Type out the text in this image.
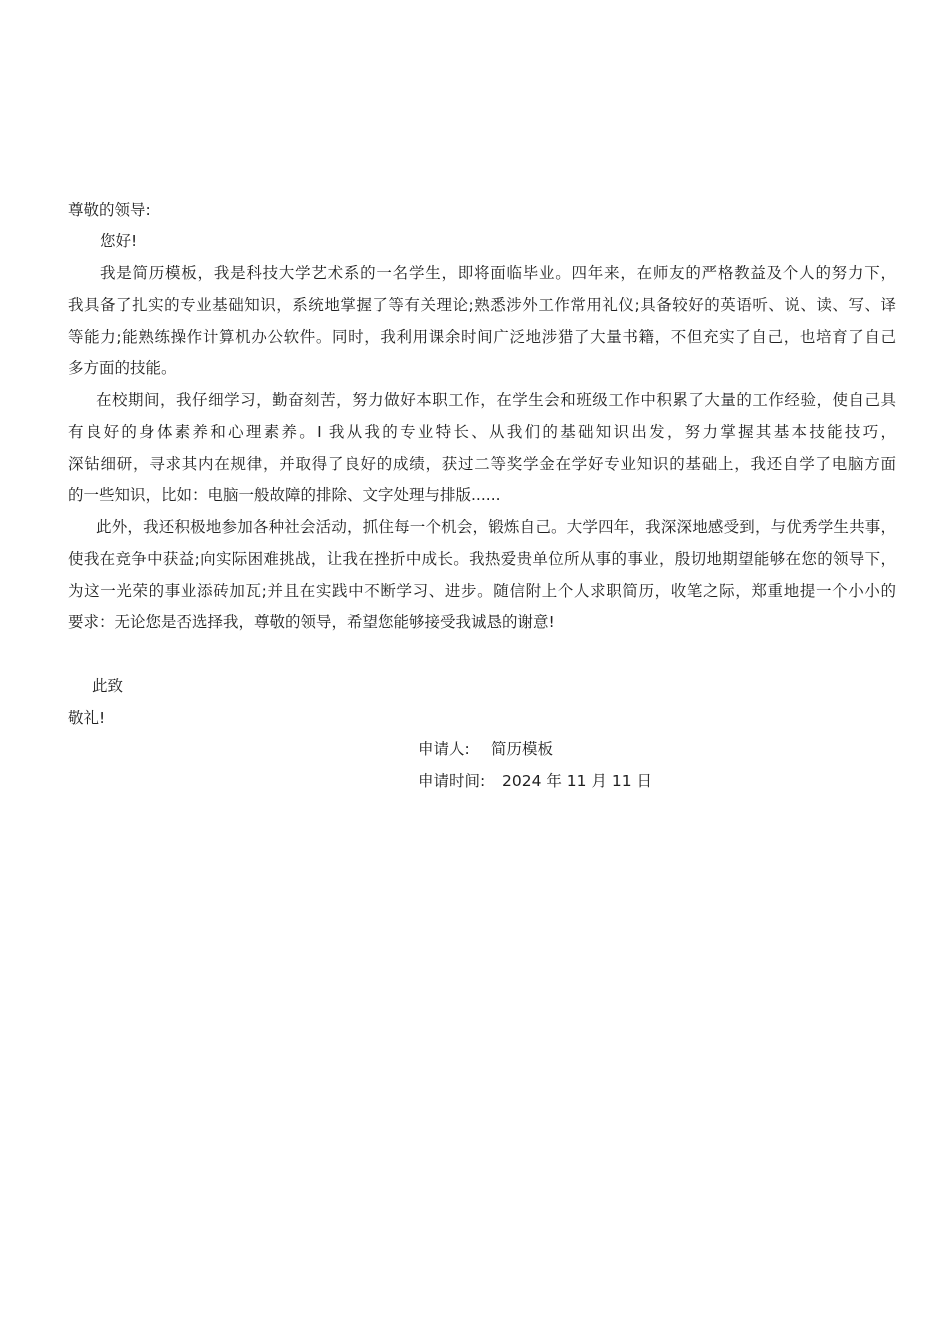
尊敬的领导:
您好!
我是简历模板，我是科技大学艺术系的一名学生，即将面临毕业。四年来，在师友的严格教益及个人的努力下，
我具备了扎实的专业基础知识，系统地掌握了等有关理论;熟悉涉外工作常用礼仪;具备较好的英语听、说、读、写、译
等能力;能熟练操作计算机办公软件。同时，我利用课余时间广泛地涉猎了大量书籍，不但充实了自己，也培育了自己
多方面的技能。
在校期间，我仔细学习，勤奋刻苦，努力做好本职工作，在学生会和班级工作中积累了大量的工作经验，使自己具
有良好的身体素养和心理素养。I 我从我的专业特长、从我们的基础知识出发，努力掌握其基本技能技巧，
深钻细研，寻求其内在规律，并取得了良好的成绩，获过二等奖学金在学好专业知识的基础上，我还自学了电脑方面
的一些知识，比如：电脑一般故障的排除、文字处理与排版......
此外，我还积极地参加各种社会活动，抓住每一个机会，锻炼自己。大学四年，我深深地感受到，与优秀学生共事，
使我在竞争中获益;向实际困难挑战，让我在挫折中成长。我热爱贵单位所从事的事业，殷切地期望能够在您的领导下，
为这一光荣的事业添砖加瓦;并且在实践中不断学习、进步。随信附上个人求职简历，收笔之际，郑重地提一个小小的
要求：无论您是否选择我，尊敬的领导，希望您能够接受我诚恳的谢意!
此致
敬礼!
申请人: 简历模板
申请时间: 2024 年 11 月 11 日
